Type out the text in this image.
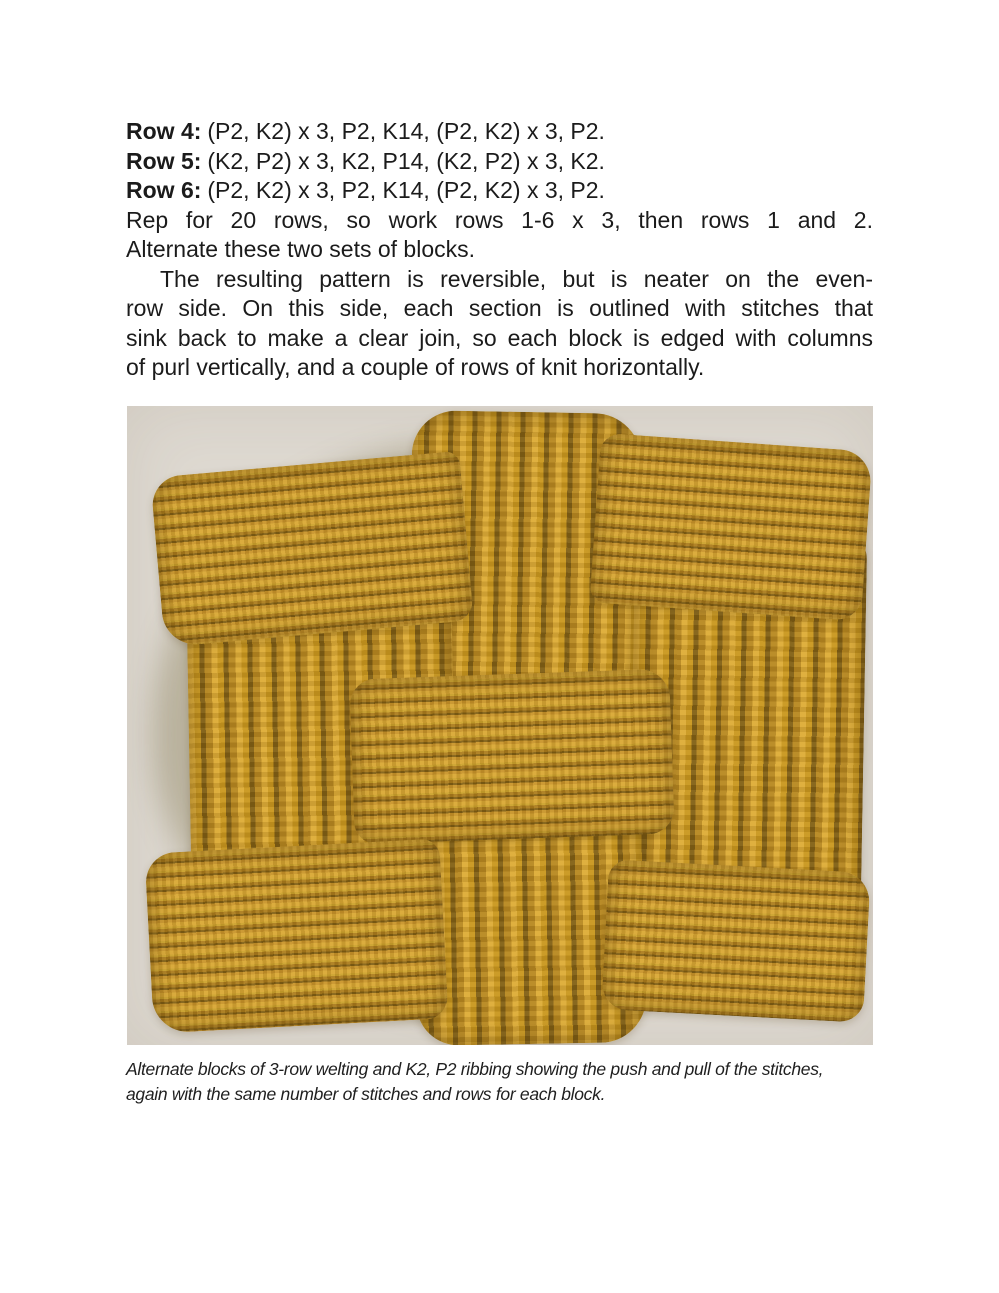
Row 4: (P2, K2) x 3, P2, K14, (P2, K2) x 3, P2.
Row 5: (K2, P2) x 3, K2, P14, (K2, P2) x 3, K2.
Row 6: (P2, K2) x 3, P2, K14, (P2, K2) x 3, P2.
Rep for 20 rows, so work rows 1-6 x 3, then rows 1 and 2.
Alternate these two sets of blocks.
The resulting pattern is reversible, but is neater on the even-
row side. On this side, each section is outlined with stitches that
sink back to make a clear join, so each block is edged with columns
of purl vertically, and a couple of rows of knit horizontally.
Alternate blocks of 3-row welting and K2, P2 ribbing showing the push and pull of the stitches,
again with the same number of stitches and rows for each block.
